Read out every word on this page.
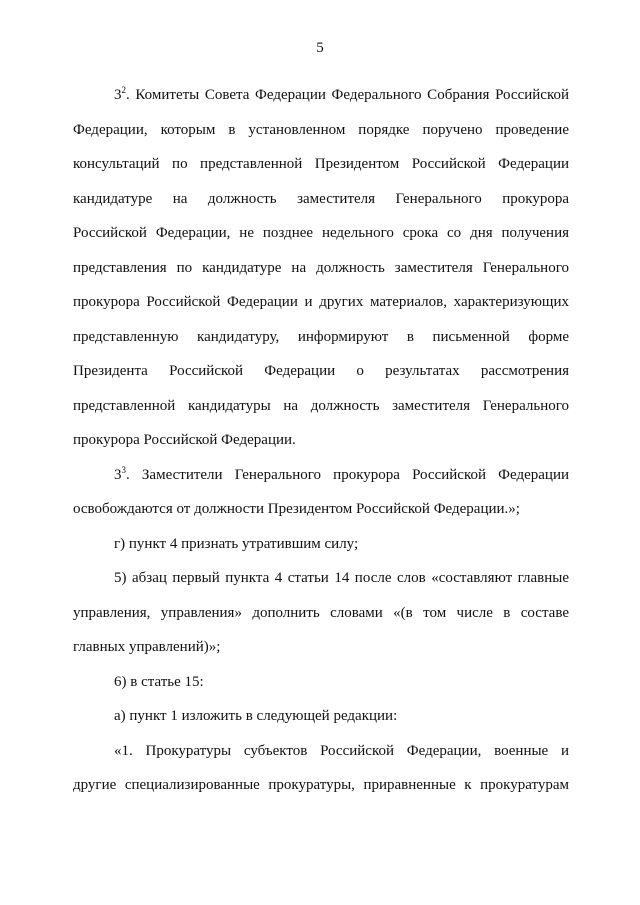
5
$3^2$. Комитеты Совета Федерации Федерального Собрания Российской
Федерации, которым в установленном порядке поручено проведение
консультаций по представленной Президентом Российской Федерации
кандидатуре на должность заместителя Генерального прокурора
Российской Федерации, не позднее недельного срока со дня получения
представления по кандидатуре на должность заместителя Генерального
прокурора Российской Федерации и других материалов, характеризующих
представленную кандидатуру, информируют в письменной форме
Президента Российской Федерации о результатах рассмотрения
представленной кандидатуры на должность заместителя Генерального
прокурора Российской Федерации.
$3^3$. Заместители Генерального прокурора Российской Федерации
освобождаются от должности Президентом Российской Федерации.»;
г) пункт 4 признать утратившим силу;
5) абзац первый пункта 4 статьи 14 после слов «составляют главные
управления, управления» дополнить словами «(в том числе в составе
главных управлений)»;
6) в статье 15:
а) пункт 1 изложить в следующей редакции:
«1. Прокуратуры субъектов Российской Федерации, военные и
другие специализированные прокуратуры, приравненные к прокуратурам
